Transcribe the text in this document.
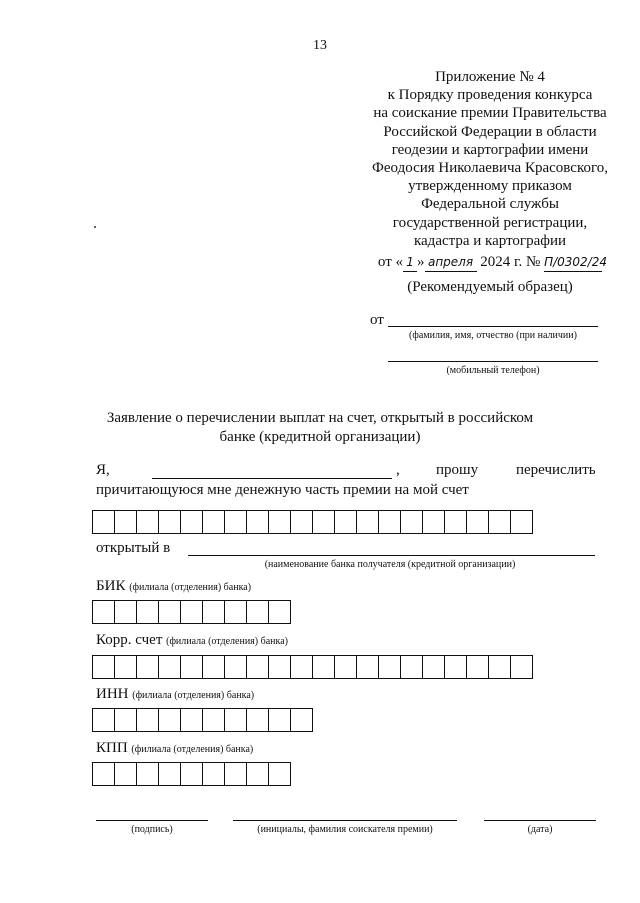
13
Приложение № 4
к Порядку проведения конкурса
на соискание премии Правительства
Российской Федерации в области
геодезии и картографии имени
Феодосия Николаевича Красовского,
утвержденному приказом
Федеральной службы
государственной регистрации,
кадастра и картографии
от « 1 » апреля 2024 г. № П/0302/24
(Рекомендуемый образец)
от
(фамилия, имя, отчество (при наличии)
(мобильный телефон)
Заявление о перечислении выплат на счет, открытый в российском
банке (кредитной организации)
Я,	, прошу	перечислить
причитающуюся мне денежную часть премии на мой счет
открытый в
(наименование банка получателя (кредитной организации)
БИК (филиала (отделения) банка)
Корр. счет (филиала (отделения) банка)
ИНН (филиала (отделения) банка)
КПП (филиала (отделения) банка)
(подпись)	(инициалы, фамилия соискателя премии)	(дата)
